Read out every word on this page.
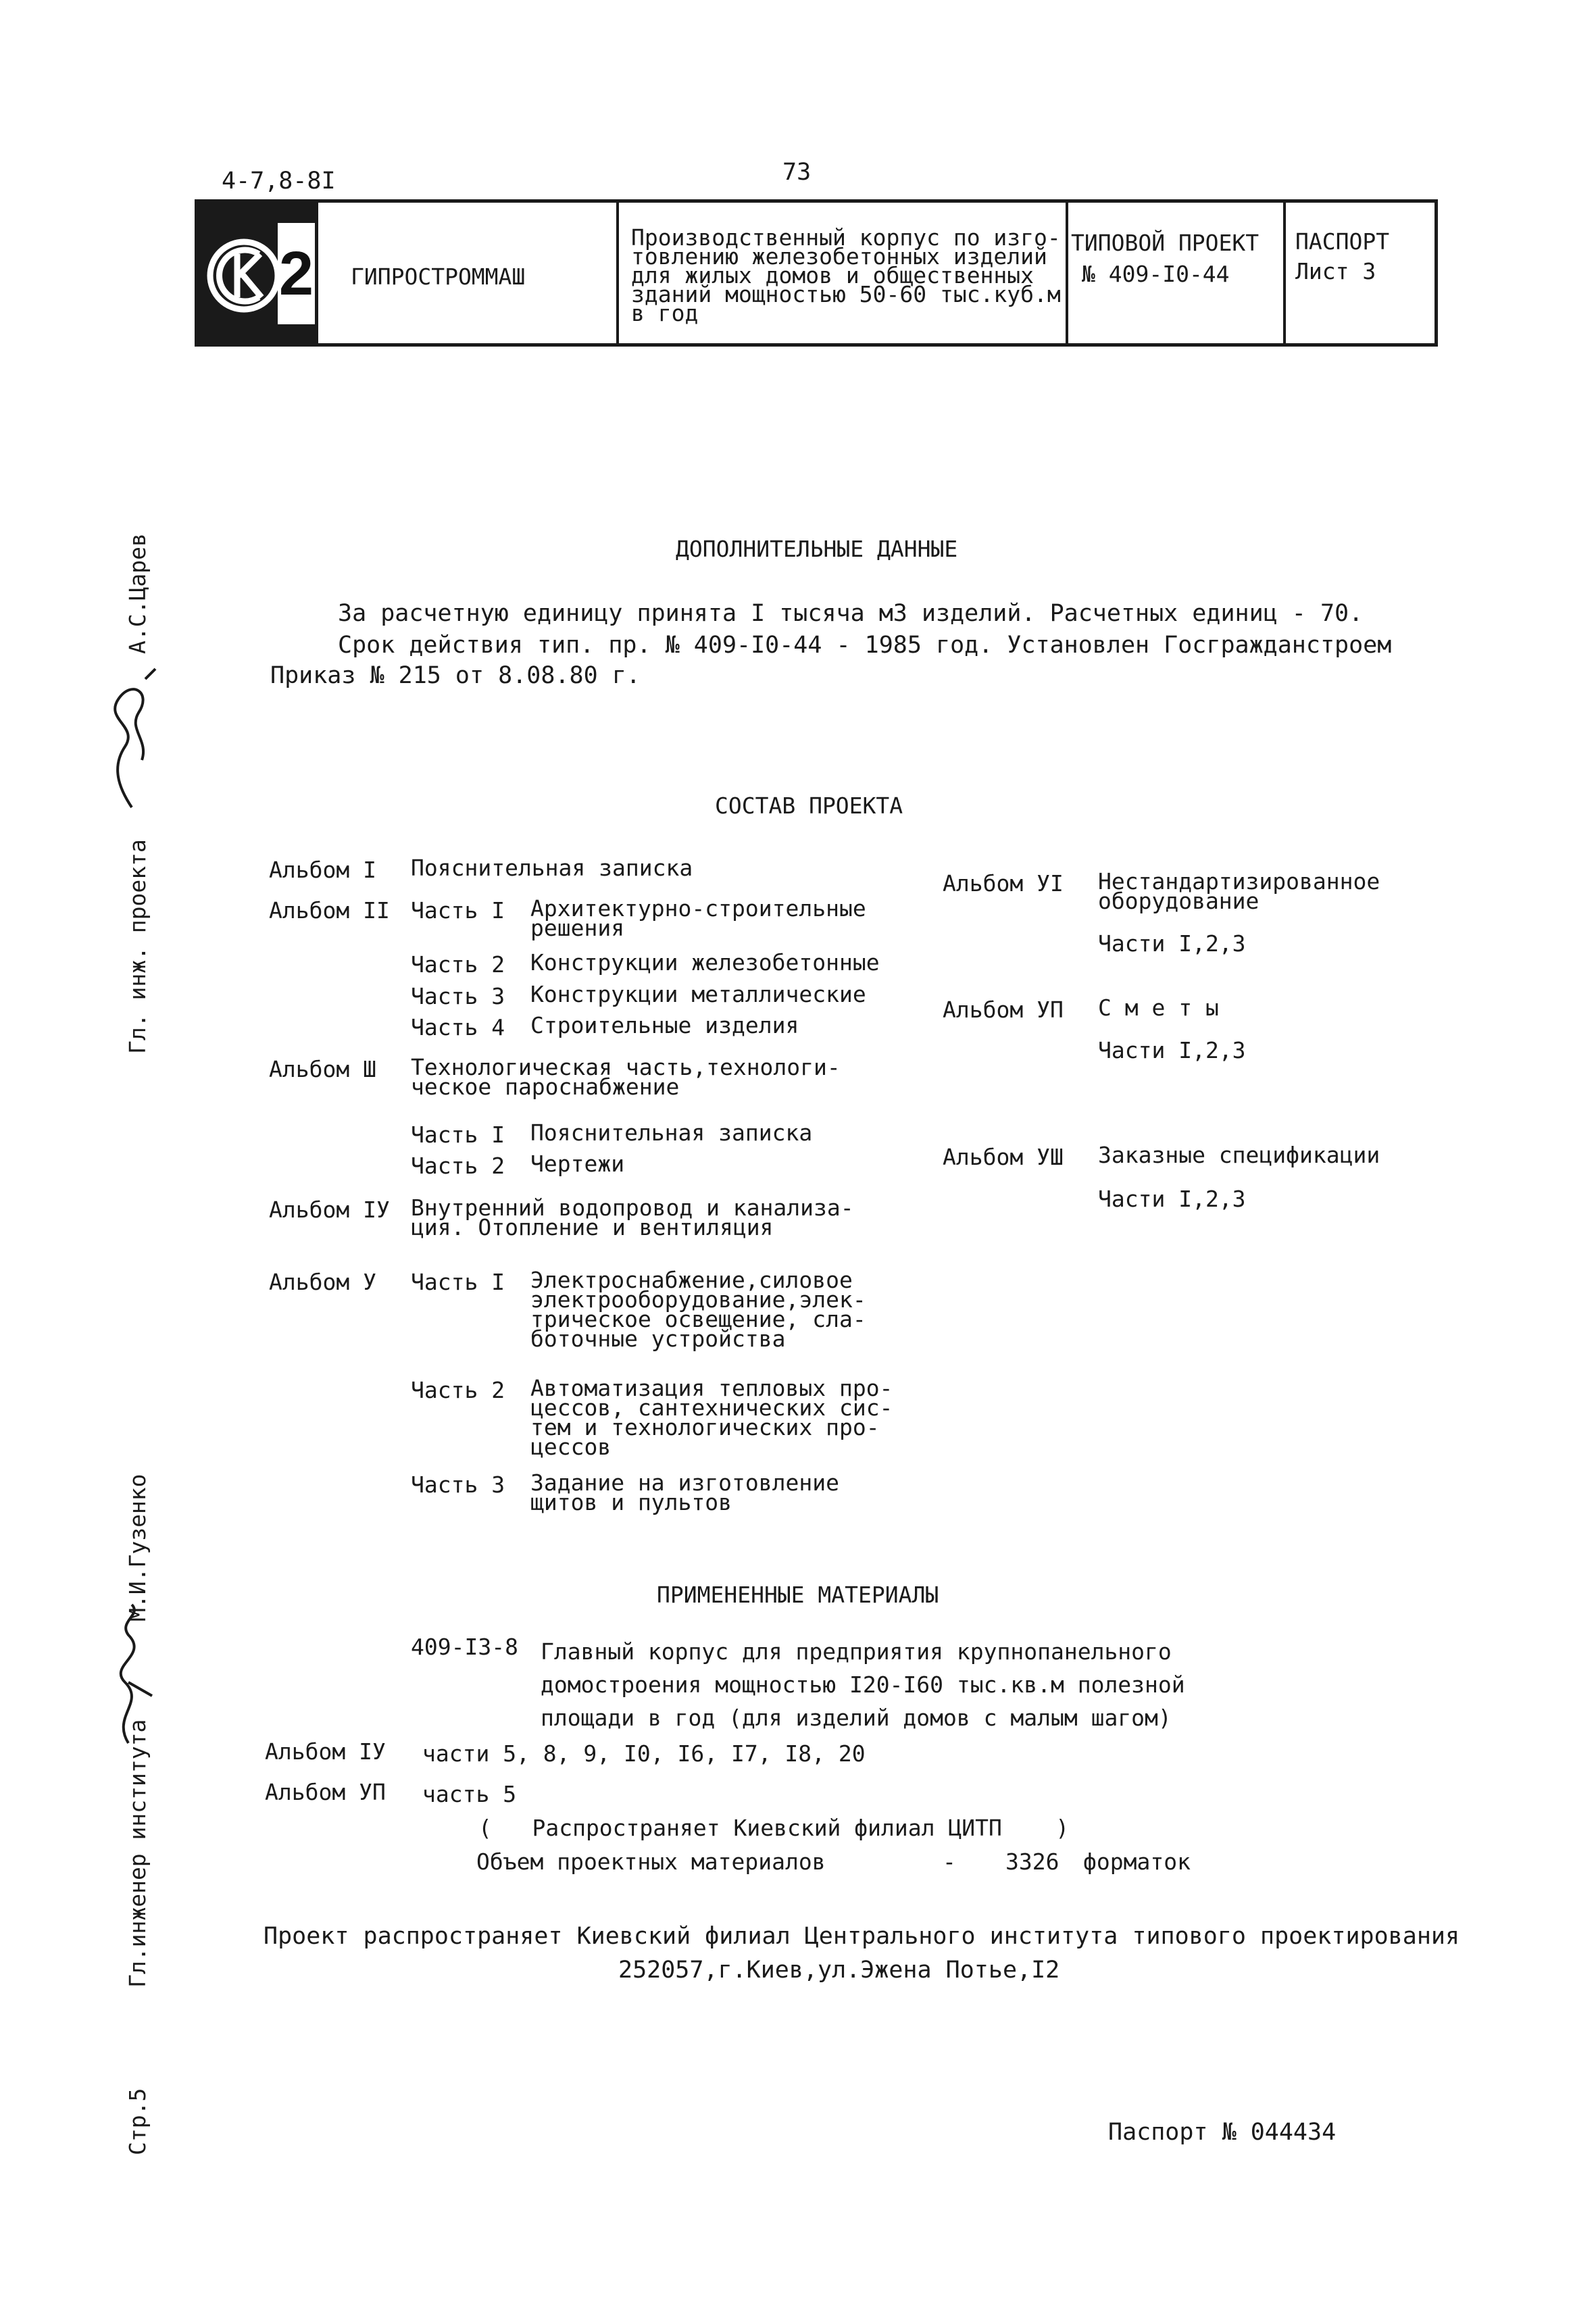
4-7,8-8I	73
2 ГИПРОСТРОММАШ
Производственный корпус по изго-
товлению железобетонных изделий
для жилых домов и общественных
зданий мощностью 50-60 тыс.куб.м
в год
ТИПОВОЙ ПРОЕКТ
№ 409-I0-44
ПАСПОРТ
Лист 3
А.С.Царев
Гл. инж. проекта
Гл.инженер института
М.И.Гузенко
Стр.5
ДОПОЛНИТЕЛЬНЫЕ ДАННЫЕ
За расчетную единицу принята I тысяча м3 изделий. Расчетных единиц - 70.
Срок действия тип. пр. № 409-I0-44 - 1985 год. Установлен Госгражданстроем
Приказ № 215 от 8.08.80 г.
СОСТАВ ПРОЕКТА
Альбом I Пояснительная записка
Альбом II Часть I Архитектурно-строительные
решения
Часть 2 Конструкции железобетонные
Часть 3 Конструкции металлические
Часть 4 Строительные изделия
Альбом Ш Технологическая часть,технологи-
ческое пароснабжение
Часть I Пояснительная записка
Часть 2 Чертежи
Альбом IУ Внутренний водопровод и канализа-
ция. Отопление и вентиляция
Альбом У Часть I Электроснабжение,силовое
электрооборудование,элек-
трическое освещение, сла-
боточные устройства
Часть 2 Автоматизация тепловых про-
цессов, сантехнических сис-
тем и технологических про-
цессов
Часть 3 Задание на изготовление
щитов и пультов
Альбом УI Нестандартизированное
оборудование
Части I,2,3
Альбом УП С м е т ы
Части I,2,3
Альбом УШ Заказные спецификации
Части I,2,3
ПРИМЕНЕННЫЕ МАТЕРИАЛЫ
409-I3-8 Главный корпус для предприятия крупнопанельного
домостроения мощностью I20-I60 тыс.кв.м полезной
площади в год (для изделий домов с малым шагом)
Альбом IУ части 5, 8, 9, I0, I6, I7, I8, 20
Альбом УП часть 5
(   Распространяет Киевский филиал ЦИТП    )
Объем проектных материалов	- 3326 форматок
Проект распространяет Киевский филиал Центрального института типового проектирования
252057,г.Киев,ул.Эжена Потье,I2
Паспорт № 044434
